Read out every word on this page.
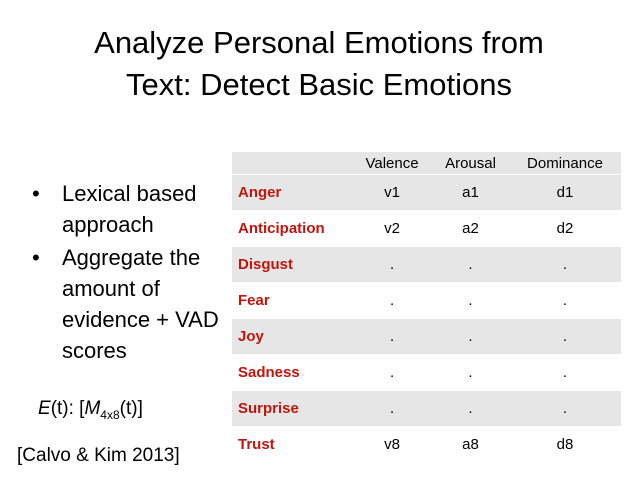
Analyze Personal Emotions from
Text: Detect Basic Emotions
• Lexical based approach
• Aggregate the amount of evidence + VAD scores
E(t): $[M_{4x8}(t)]$
[Calvo & Kim 2013]
	Valence	Arousal	Dominance
Anger	v1	a1	d1
Anticipation	v2	a2	d2
Disgust	.	.	.
Fear	.	.	.
Joy	.	.	.
Sadness	.	.	.
Surprise	.	.	.
Trust	v8	a8	d8
